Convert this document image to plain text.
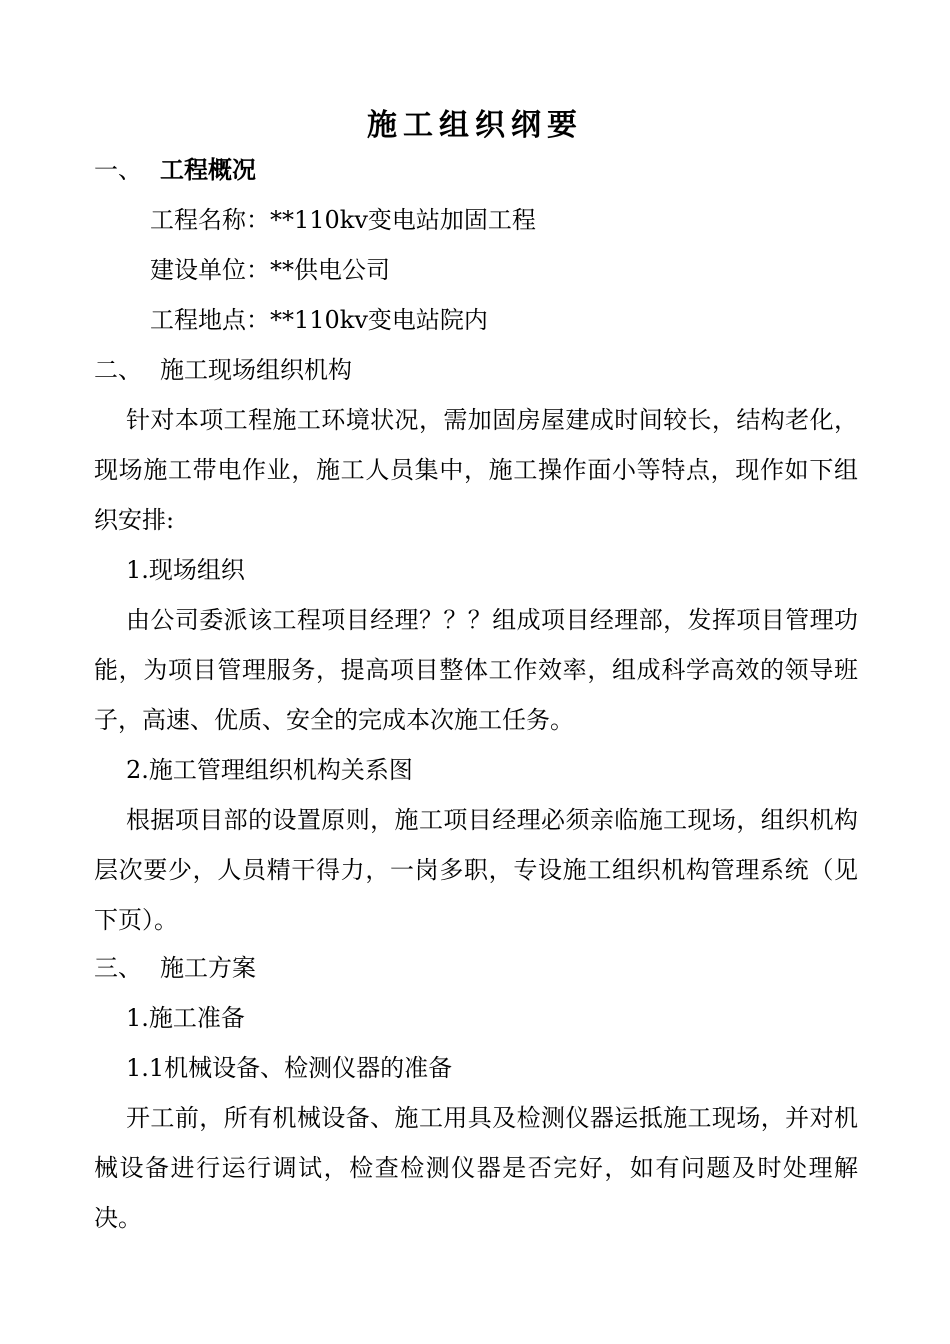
施工组织纲要
一、 工程概况
工程名称：**110kv变电站加固工程
建设单位：**供电公司
工程地点：**110kv变电站院内
二、 施工现场组织机构
针对本项工程施工环境状况，需加固房屋建成时间较长，结构老化，现场施工带电作业，施工人员集中，施工操作面小等特点，现作如下组织安排:
1.现场组织
由公司委派该工程项目经理？？？组成项目经理部，发挥项目管理功能，为项目管理服务，提高项目整体工作效率，组成科学高效的领导班子，高速、优质、安全的完成本次施工任务。
2.施工管理组织机构关系图
根据项目部的设置原则，施工项目经理必须亲临施工现场，组织机构层次要少，人员精干得力，一岗多职，专设施工组织机构管理系统（见下页）。
三、 施工方案
1.施工准备
1.1机械设备、检测仪器的准备
开工前，所有机械设备、施工用具及检测仪器运抵施工现场，并对机械设备进行运行调试，检查检测仪器是否完好，如有问题及时处理解决。
